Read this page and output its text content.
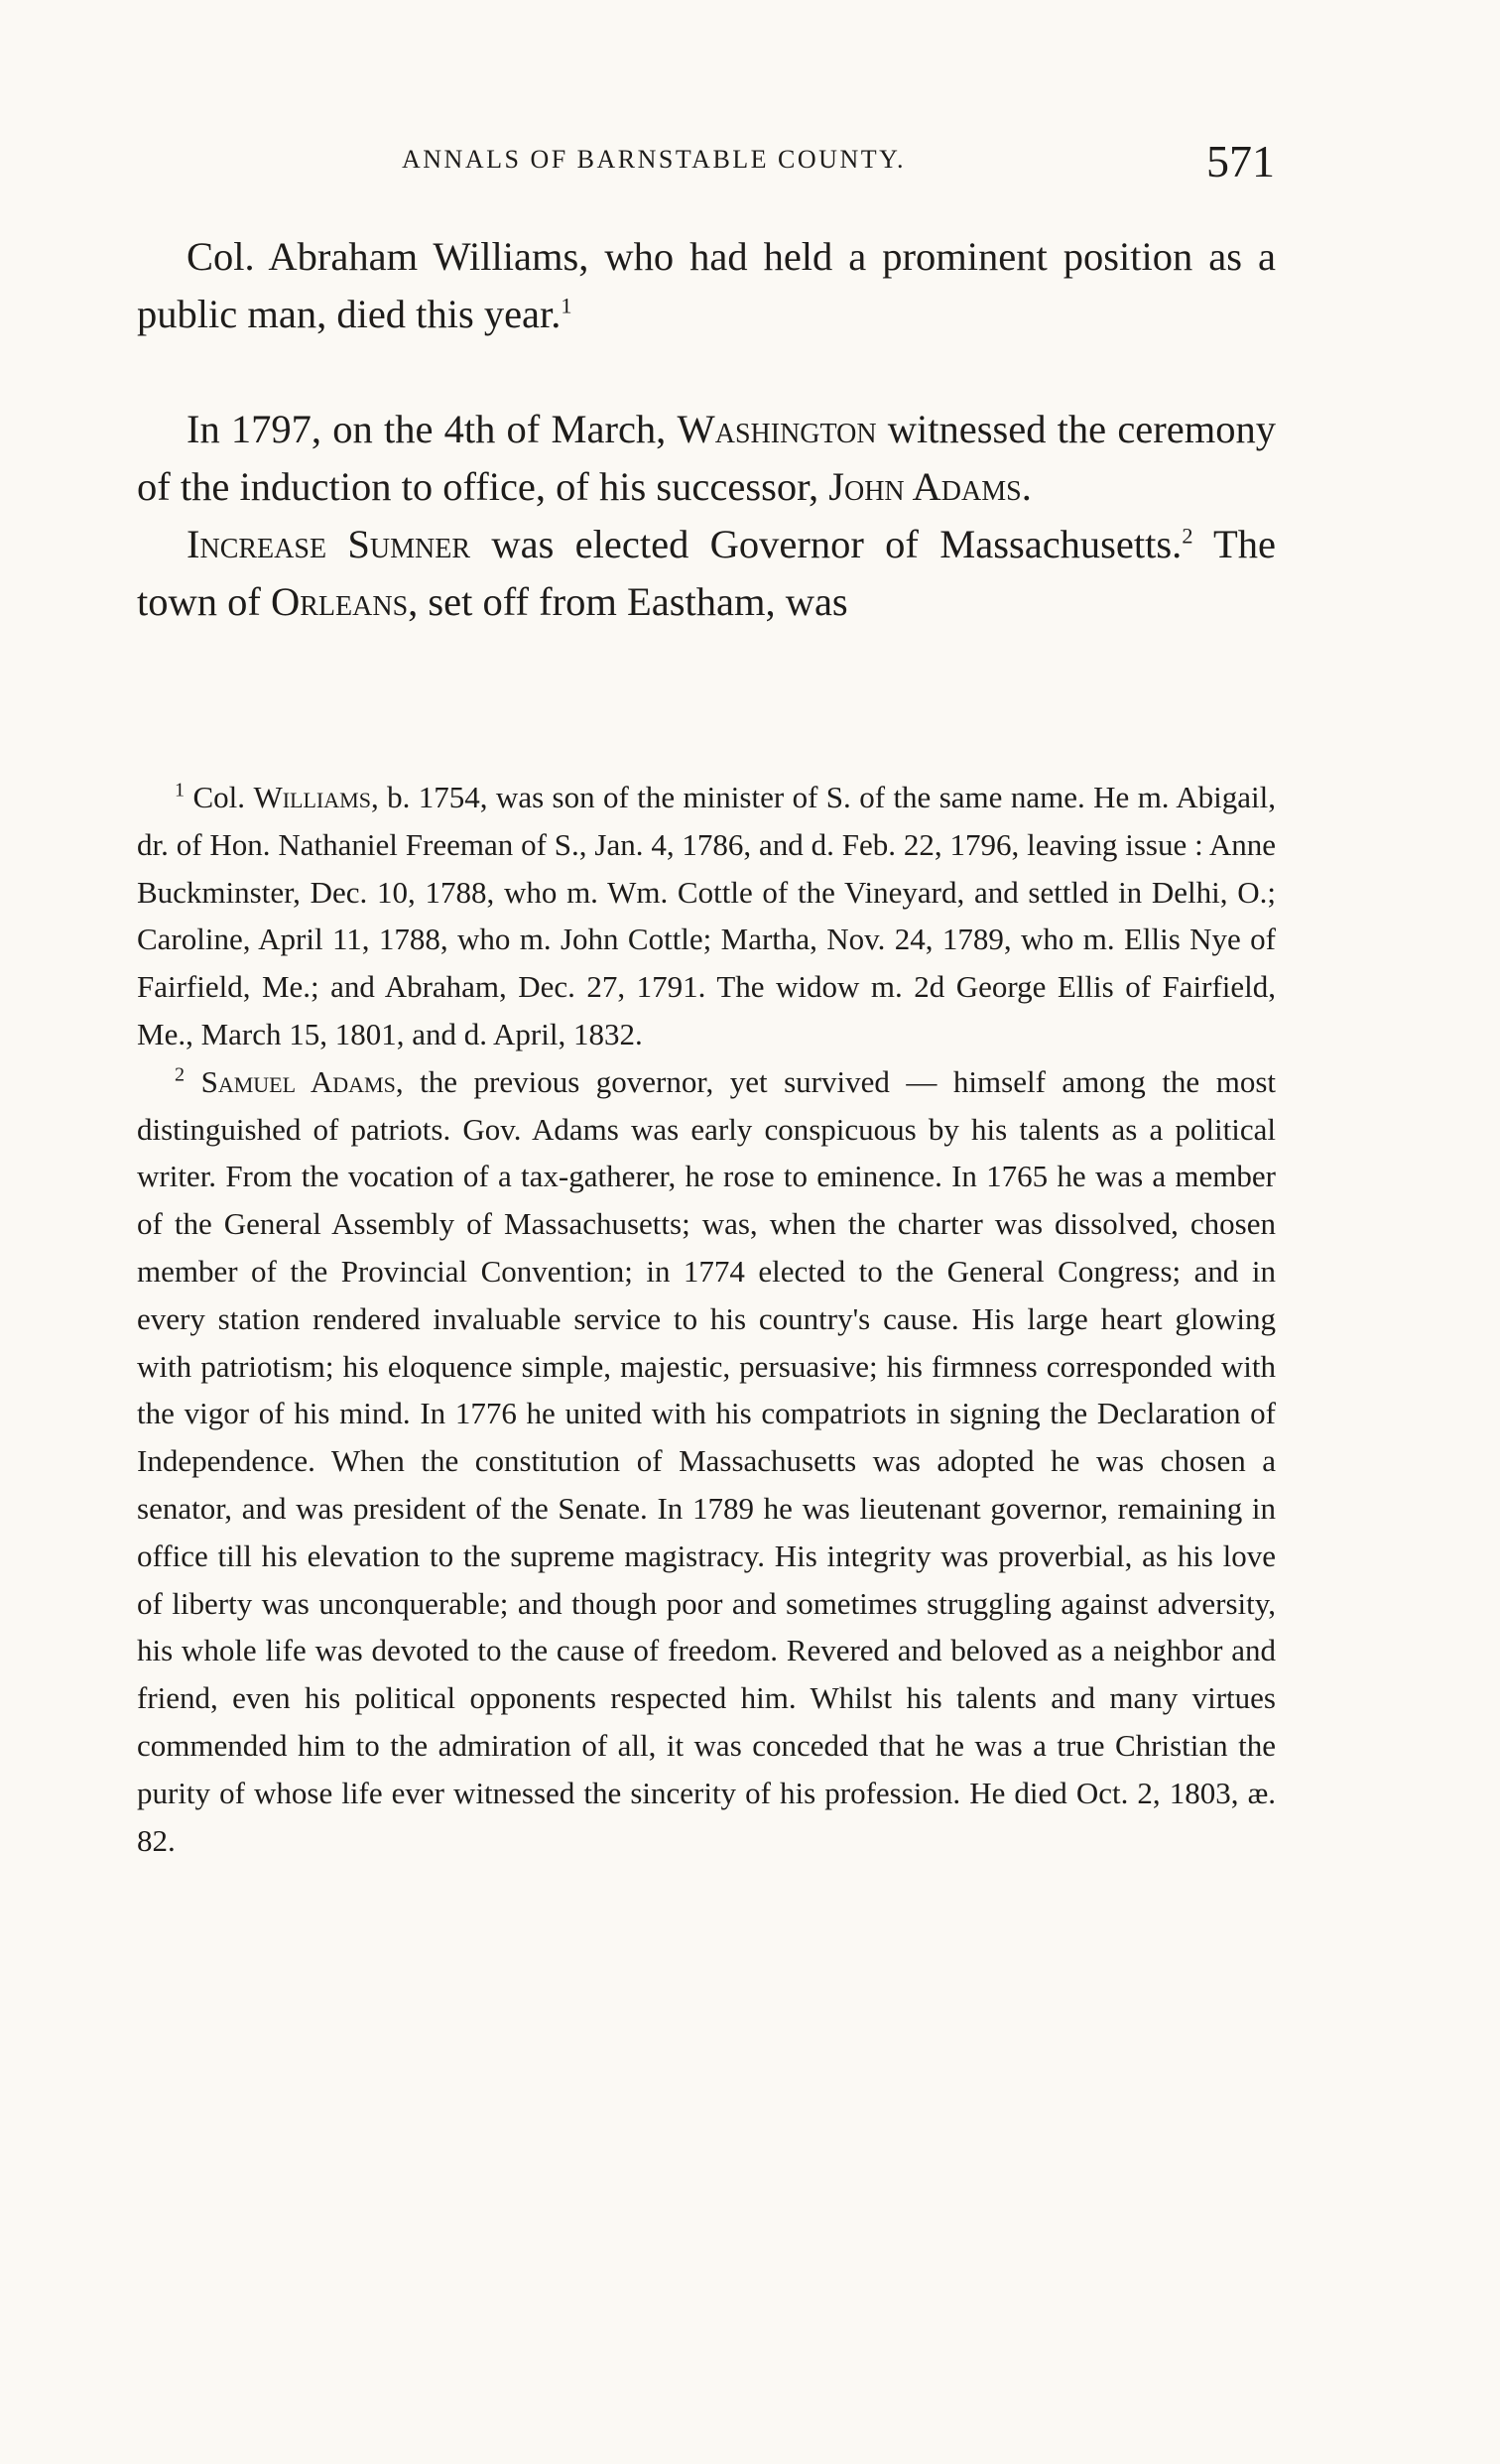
ANNALS OF BARNSTABLE COUNTY.	571

Col. Abraham Williams, who had held a prominent position as a public man, died this year.$^1$

In 1797, on the 4th of March, Washington witnessed the ceremony of the induction to office, of his successor, John Adams.

Increase Sumner was elected Governor of Massachusetts.$^2$ The town of Orleans, set off from Eastham, was

$^1$ Col. Williams, b. 1754, was son of the minister of S. of the same name. He m. Abigail, dr. of Hon. Nathaniel Freeman of S., Jan. 4, 1786, and d. Feb. 22, 1796, leaving issue : Anne Buckminster, Dec. 10, 1788, who m. Wm. Cottle of the Vineyard, and settled in Delhi, O.; Caroline, April 11, 1788, who m. John Cottle; Martha, Nov. 24, 1789, who m. Ellis Nye of Fairfield, Me.; and Abraham, Dec. 27, 1791. The widow m. 2d George Ellis of Fairfield, Me., March 15, 1801, and d. April, 1832.

$^2$ Samuel Adams, the previous governor, yet survived — himself among the most distinguished of patriots. Gov. Adams was early conspicuous by his talents as a political writer. From the vocation of a tax-gatherer, he rose to eminence. In 1765 he was a member of the General Assembly of Massachusetts; was, when the charter was dissolved, chosen member of the Provincial Convention; in 1774 elected to the General Congress; and in every station rendered invaluable service to his country's cause. His large heart glowing with patriotism; his eloquence simple, majestic, persuasive; his firmness corresponded with the vigor of his mind. In 1776 he united with his compatriots in signing the Declaration of Independence. When the constitution of Massachusetts was adopted he was chosen a senator, and was president of the Senate. In 1789 he was lieutenant governor, remaining in office till his elevation to the supreme magistracy. His integrity was proverbial, as his love of liberty was unconquerable; and though poor and sometimes struggling against adversity, his whole life was devoted to the cause of freedom. Revered and beloved as a neighbor and friend, even his political opponents respected him. Whilst his talents and many virtues commended him to the admiration of all, it was conceded that he was a true Christian the purity of whose life ever witnessed the sincerity of his profession. He died Oct. 2, 1803, æ. 82.
